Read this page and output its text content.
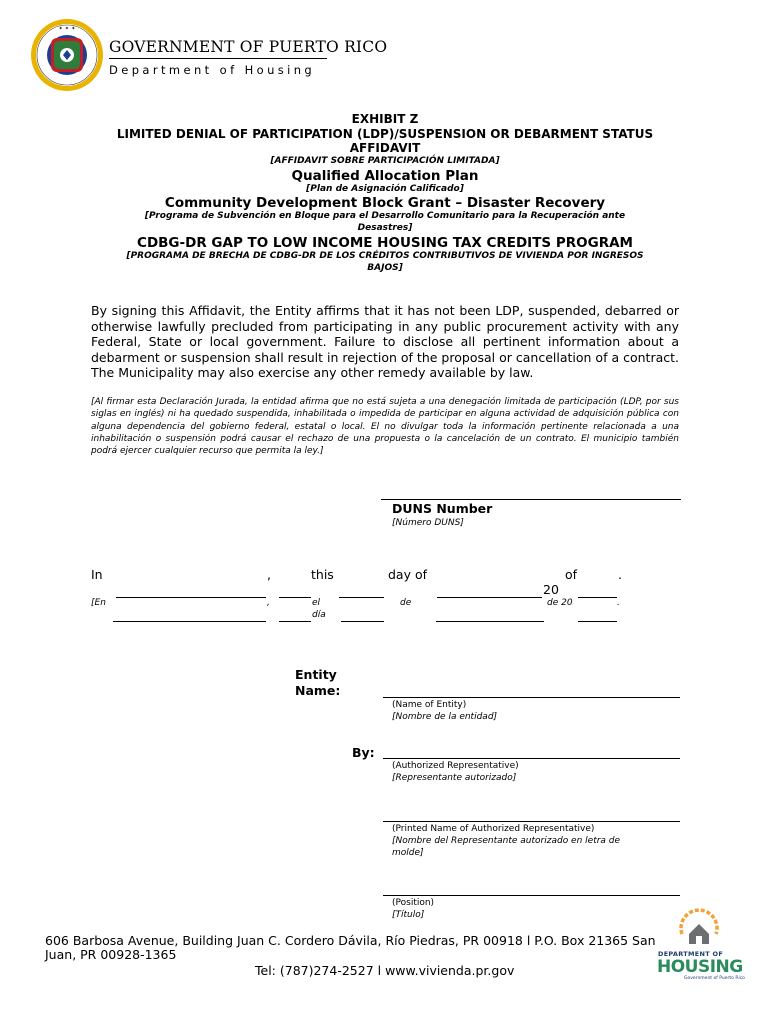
✦ ✦ ✦
GOVERNMENT OF PUERTO RICO
Department of Housing
EXHIBIT Z
LIMITED DENIAL OF PARTICIPATION (LDP)/SUSPENSION OR DEBARMENT STATUS
AFFIDAVIT
[AFFIDAVIT SOBRE PARTICIPACIÓN LIMITADA]
Qualified Allocation Plan
[Plan de Asignación Calificado]
Community Development Block Grant – Disaster Recovery
[Programa de Subvención en Bloque para el Desarrollo Comunitario para la Recuperación ante
Desastres]
CDBG-DR GAP TO LOW INCOME HOUSING TAX CREDITS PROGRAM
[PROGRAMA DE BRECHA DE CDBG-DR DE LOS CRÉDITOS CONTRIBUTIVOS DE VIVIENDA POR INGRESOS
BAJOS]
By signing this Affidavit, the Entity affirms that it has not been LDP, suspended, debarred or otherwise lawfully precluded from participating in any public procurement activity with any Federal, State or local government. Failure to disclose all pertinent information about a debarment or suspension shall result in rejection of the proposal or cancellation of a contract. The Municipality may also exercise any other remedy available by law.
[Al firmar esta Declaración Jurada, la entidad afirma que no está sujeta a una denegación limitada de participación (LDP, por sus siglas en inglés) ni ha quedado suspendida, inhabilitada o impedida de participar en alguna actividad de adquisición pública con alguna dependencia del gobierno federal, estatal o local. El no divulgar toda la información pertinente relacionada a una inhabilitación o suspensión podrá causar el rechazo de una propuesta o la cancelación de un contrato. El municipio también podrá ejercer cualquier recurso que permita la ley.]
DUNS Number
[Número DUNS]
In	,	this	day of	of	.
20
[En	,	el
día
de	de 20	.
Entity
Name:
(Name of Entity)
[Nombre de la entidad]
By:
(Authorized Representative)
[Representante autorizado]
(Printed Name of Authorized Representative)
[Nombre del Representante autorizado en letra de
molde]
(Position)
[Título]
606 Barbosa Avenue, Building Juan C. Cordero Dávila, Río Piedras, PR 00918 l P.O. Box 21365 San
Juan, PR 00928-1365
Tel: (787)274-2527 l www.vivienda.pr.gov
DEPARTMENT OF
HOUSING
Government of Puerto Rico
